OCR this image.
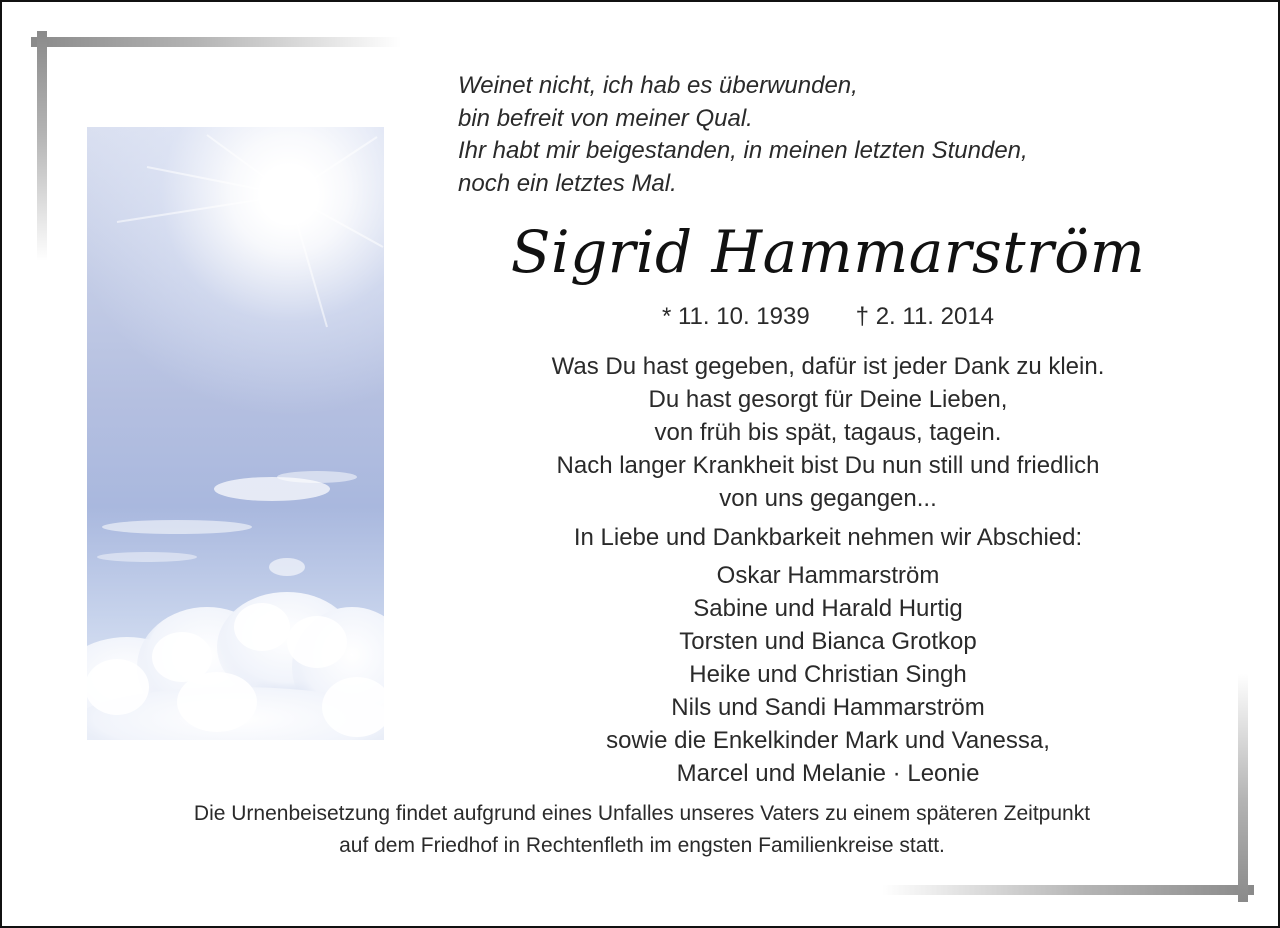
Weinet nicht, ich hab es überwunden,
bin befreit von meiner Qual.
Ihr habt mir beigestanden, in meinen letzten Stunden,
noch ein letztes Mal.
Sigrid Hammarström
* 11. 10. 1939 † 2. 11. 2014
Was Du hast gegeben, dafür ist jeder Dank zu klein.
Du hast gesorgt für Deine Lieben,
von früh bis spät, tagaus, tagein.
Nach langer Krankheit bist Du nun still und friedlich
von uns gegangen...
In Liebe und Dankbarkeit nehmen wir Abschied:
Oskar Hammarström
Sabine und Harald Hurtig
Torsten und Bianca Grotkop
Heike und Christian Singh
Nils und Sandi Hammarström
sowie die Enkelkinder Mark und Vanessa,
Marcel und Melanie · Leonie
Die Urnenbeisetzung findet aufgrund eines Unfalles unseres Vaters zu einem späteren Zeitpunkt
auf dem Friedhof in Rechtenfleth im engsten Familienkreise statt.
